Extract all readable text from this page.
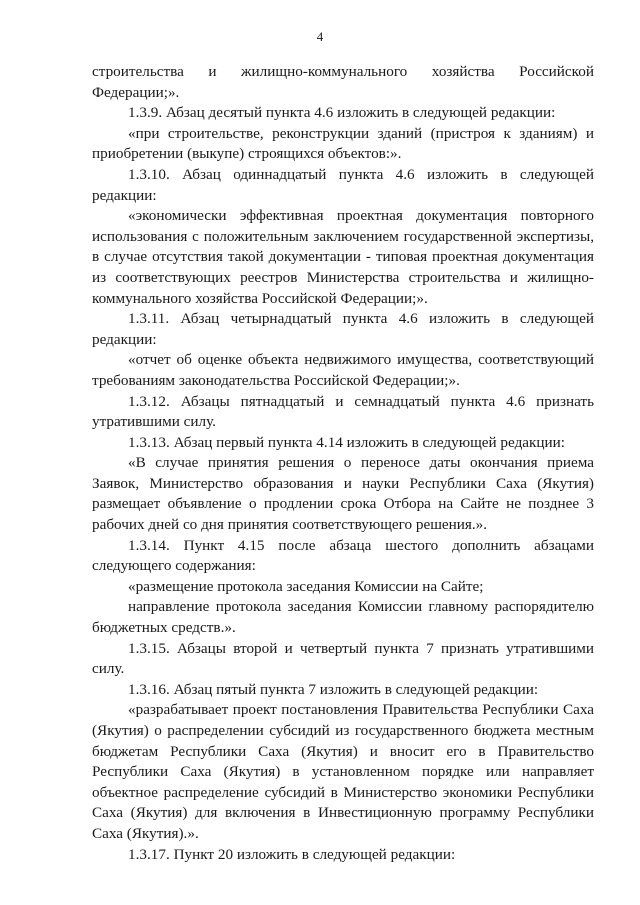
4

строительства и жилищно-коммунального хозяйства Российской Федерации;».

1.3.9. Абзац десятый пункта 4.6 изложить в следующей редакции:

«при строительстве, реконструкции зданий (пристроя к зданиям) и приобретении (выкупе) строящихся объектов:».

1.3.10. Абзац одиннадцатый пункта 4.6 изложить в следующей редакции:

«экономически эффективная проектная документация повторного использования с положительным заключением государственной экспертизы, в случае отсутствия такой документации - типовая проектная документация из соответствующих реестров Министерства строительства и жилищно-коммунального хозяйства Российской Федерации;».

1.3.11. Абзац четырнадцатый пункта 4.6 изложить в следующей редакции:

«отчет об оценке объекта недвижимого имущества, соответствующий требованиям законодательства Российской Федерации;».

1.3.12. Абзацы пятнадцатый и семнадцатый пункта 4.6 признать утратившими силу.

1.3.13. Абзац первый пункта 4.14 изложить в следующей редакции:

«В случае принятия решения о переносе даты окончания приема Заявок, Министерство образования и науки Республики Саха (Якутия) размещает объявление о продлении срока Отбора на Сайте не позднее 3 рабочих дней со дня принятия соответствующего решения.».

1.3.14. Пункт 4.15 после абзаца шестого дополнить абзацами следующего содержания:

«размещение протокола заседания Комиссии на Сайте;

направление протокола заседания Комиссии главному распорядителю бюджетных средств.».

1.3.15. Абзацы второй и четвертый пункта 7 признать утратившими силу.

1.3.16. Абзац пятый пункта 7 изложить в следующей редакции:

«разрабатывает проект постановления Правительства Республики Саха (Якутия) о распределении субсидий из государственного бюджета местным бюджетам Республики Саха (Якутия) и вносит его в Правительство Республики Саха (Якутия) в установленном порядке или направляет объектное распределение субсидий в Министерство экономики Республики Саха (Якутия) для включения в Инвестиционную программу Республики Саха (Якутия).».

1.3.17. Пункт 20 изложить в следующей редакции:
